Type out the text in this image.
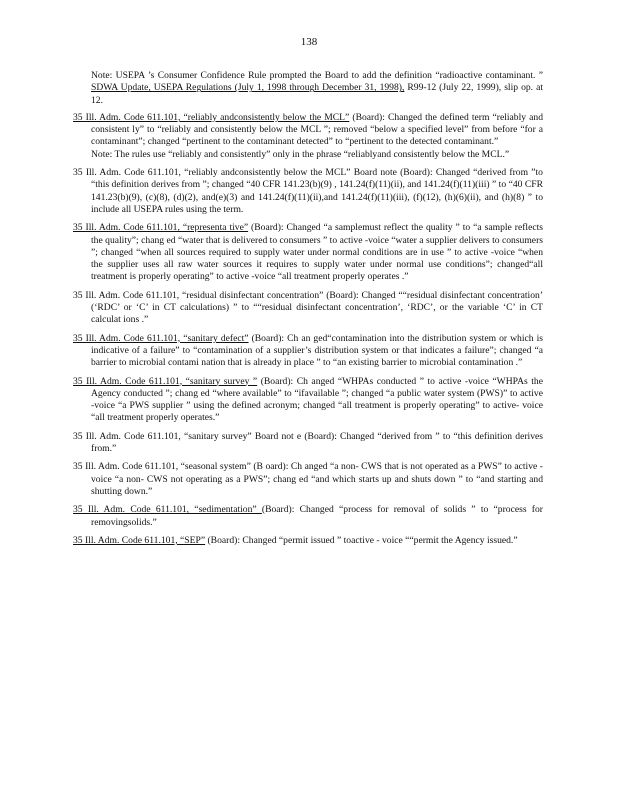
138

Note: USEPA ’s Consumer Confidence Rule prompted the Board to add the definition “radioactive contaminant. ” SDWA Update, USEPA Regulations (July 1, 1998 through December 31, 1998), R99-12 (July 22, 1999), slip op. at 12.

35 Ill. Adm. Code 611.101, “reliably andconsistently below the MCL” (Board): Changed the defined term “reliably and consistent ly” to “reliably and consistently below the MCL ”; removed “below a specified level” from before “for a contaminant”; changed “pertinent to the contaminant detected” to “pertinent to the detected contaminant.”
Note: The rules use “reliably and consistently” only in the phrase “reliablyand consistently below the MCL.”

35 Ill. Adm. Code 611.101, “reliably andconsistently below the MCL” Board note (Board): Changed “derived from ”to “this definition derives from ”; changed “40 CFR 141.23(b)(9) , 141.24(f)(11)(ii), and 141.24(f)(11)(iii) ” to “40 CFR 141.23(b)(9), (c)(8), (d)(2), and(e)(3) and 141.24(f)(11)(ii),and 141.24(f)(11)(iii), (f)(12), (h)(6)(ii), and (h)(8) ” to include all USEPA rules using the term.

35 Ill. Adm. Code 611.101, “representa tive” (Board): Changed “a samplemust reflect the quality ” to “a sample reflects the quality”; chang ed “water that is delivered to consumers ” to active -voice “water a supplier delivers to consumers ”; changed “when all sources required to supply water under normal conditions are in use ” to active -voice “when the supplier uses all raw water sources it requires to supply water under normal use conditions”; changed“all treatment is properly operating” to active -voice “all treatment properly operates .”

35 Ill. Adm. Code 611.101, “residual disinfectant concentration” (Board): Changed ““residual disinfectant concentration’ (‘RDC’ or ‘C’ in CT calculations) ” to ““residual disinfectant concentration’, ‘RDC’, or the variable ‘C’ in CT calculat ions .”

35 Ill. Adm. Code 611.101, “sanitary defect” (Board): Ch an ged“contamination into the distribution system or which is indicative of a failure” to “contamination of a supplier’s distribution system or that indicates a failure”; changed “a barrier to microbial contami nation that is already in place ” to “an existing barrier to microbial contamination .”

35 Ill. Adm. Code 611.101, “sanitary survey ” (Board): Ch anged “WHPAs conducted ” to active -voice “WHPAs the Agency conducted ”; chang ed “where available” to “ifavailable ”; changed “a public water system (PWS)” to active -voice “a PWS supplier ” using the defined acronym; changed “all treatment is properly operating” to active- voice “all treatment properly operates.”

35 Ill. Adm. Code 611.101, “sanitary survey” Board not e (Board): Changed “derived from ” to “this definition derives from.”

35 Ill. Adm. Code 611.101, “seasonal system” (B oard): Ch anged “a non- CWS that is not operated as a PWS” to active -voice “a non- CWS not operating as a PWS”; chang ed “and which starts up and shuts down ” to “and starting and shutting down.”

35 Ill. Adm. Code 611.101, “sedimentation” (Board): Changed “process for removal of solids ” to “process for removingsolids.”

35 Ill. Adm. Code 611.101, “SEP” (Board): Changed “permit issued ” toactive - voice ““permit the Agency issued.”
